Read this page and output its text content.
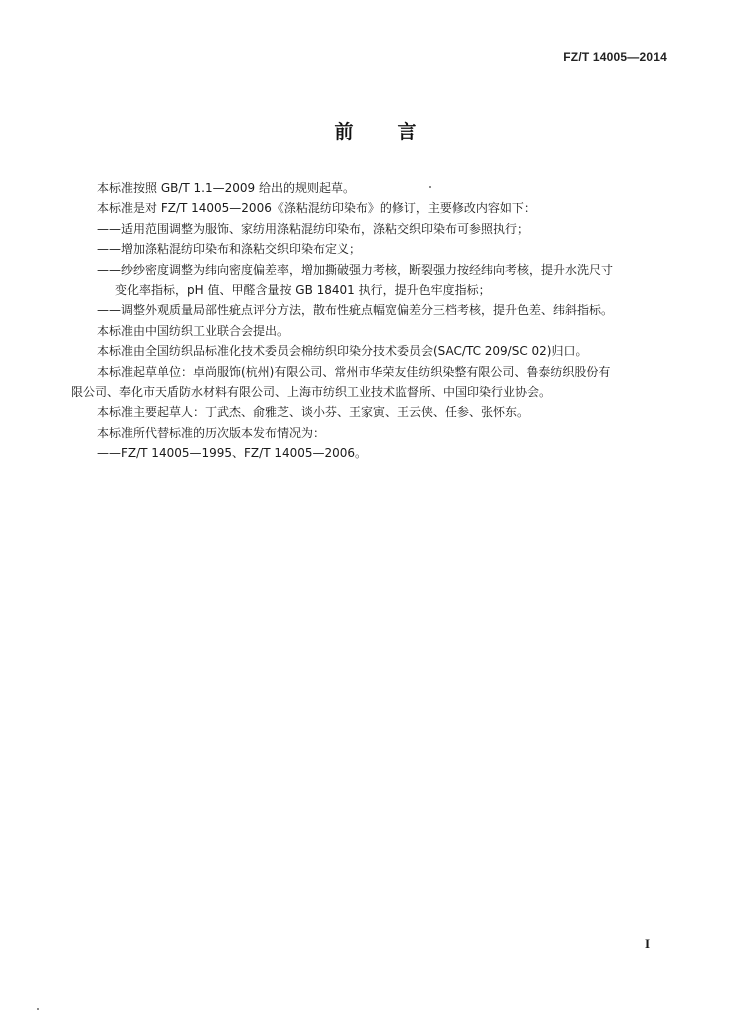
FZ/T 14005—2014
前 言
本标准按照 GB/T 1.1—2009 给出的规则起草。
本标准是对 FZ/T 14005—2006《涤粘混纺印染布》的修订，主要修改内容如下：
——适用范围调整为服饰、家纺用涤粘混纺印染布，涤粘交织印染布可参照执行；
——增加涤粘混纺印染布和涤粘交织印染布定义；
——纱纱密度调整为纬向密度偏差率，增加撕破强力考核，断裂强力按经纬向考核，提升水洗尺寸
变化率指标，pH 值、甲醛含量按 GB 18401 执行，提升色牢度指标；
——调整外观质量局部性疵点评分方法，散布性疵点幅宽偏差分三档考核，提升色差、纬斜指标。
本标准由中国纺织工业联合会提出。
本标准由全国纺织品标准化技术委员会棉纺织印染分技术委员会(SAC/TC 209/SC 02)归口。
本标准起草单位：卓尚服饰(杭州)有限公司、常州市华荣友佳纺织染整有限公司、鲁泰纺织股份有
限公司、奉化市天盾防水材料有限公司、上海市纺织工业技术监督所、中国印染行业协会。
本标准主要起草人：丁武杰、俞雅芝、谈小芬、王家寅、王云侠、任参、张怀东。
本标准所代替标准的历次版本发布情况为：
——FZ/T 14005—1995、FZ/T 14005—2006。
I
